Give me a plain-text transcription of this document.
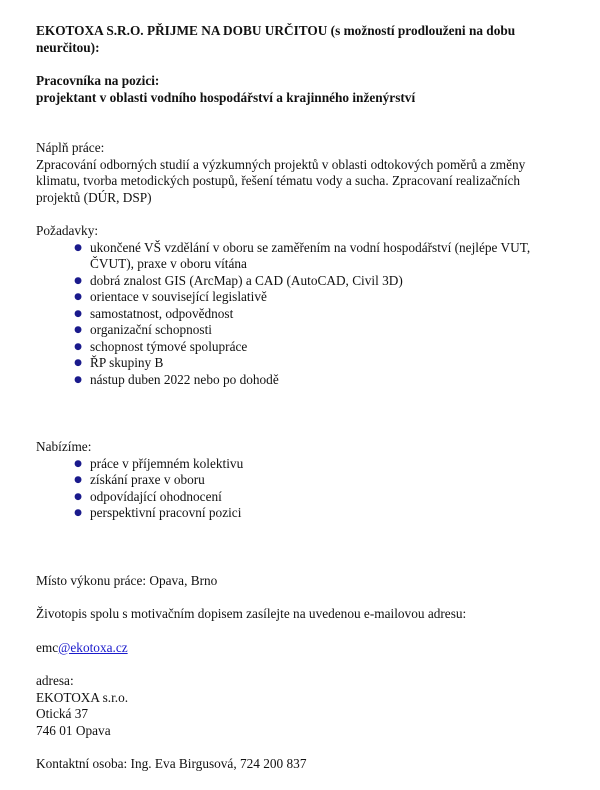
EKOTOXA S.R.O. PŘIJME NA DOBU URČITOU (s možností prodlouženi na dobu neurčitou):
Pracovníka na pozici:
projektant v oblasti vodního hospodářství a krajinného inženýrství
Náplň práce:
Zpracování odborných studií a výzkumných projektů v oblasti odtokových poměrů a změny klimatu, tvorba metodických postupů, řešení tématu vody a sucha. Zpracovaní realizačních projektů (DÚR, DSP)
Požadavky:
● ukončené VŠ vzdělání v oboru se zaměřením na vodní hospodářství (nejlépe VUT, ČVUT), praxe v oboru vítána
● dobrá znalost GIS (ArcMap) a CAD (AutoCAD, Civil 3D)
● orientace v související legislativě
● samostatnost, odpovědnost
● organizační schopnosti
● schopnost týmové spolupráce
● ŘP skupiny B
● nástup duben 2022 nebo po dohodě
Nabízíme:
● práce v příjemném kolektivu
● získání praxe v oboru
● odpovídající ohodnocení
● perspektivní pracovní pozici
Místo výkonu práce: Opava, Brno
Životopis spolu s motivačním dopisem zasílejte na uvedenou e-mailovou adresu:
emc@ekotoxa.cz
adresa:
EKOTOXA s.r.o.
Otická 37
746 01 Opava
Kontaktní osoba: Ing. Eva Birgusová, 724 200 837
